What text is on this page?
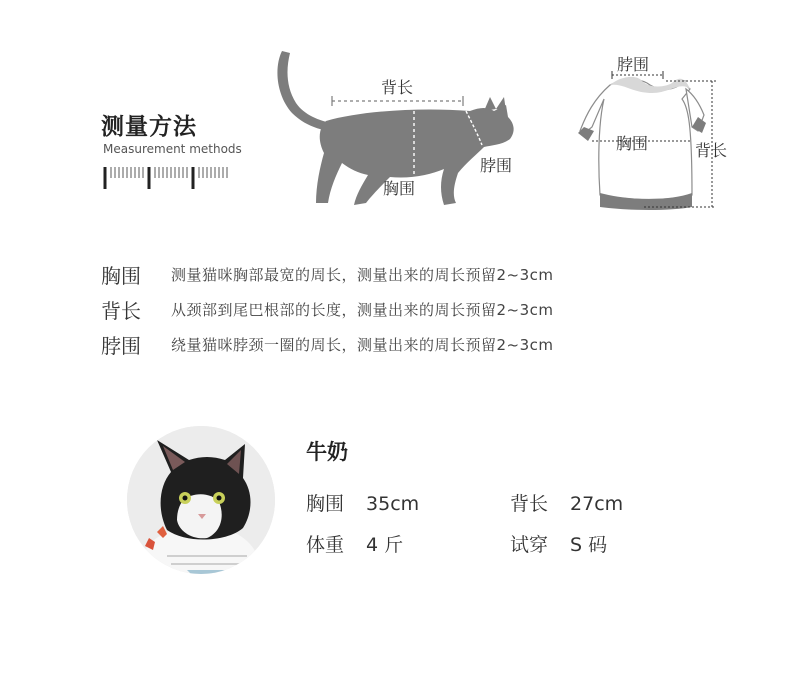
测量方法
Measurement methods
背长
脖围
胸围
脖围
胸围	背长
胸围	测量猫咪胸部最宽的周长，测量出来的周长预留2~3cm
背长	从颈部到尾巴根部的长度，测量出来的周长预留2~3cm
脖围	绕量猫咪脖颈一圈的周长，测量出来的周长预留2~3cm
牛奶
胸围 35cm	背长 27cm
体重 4 斤	试穿 S 码
